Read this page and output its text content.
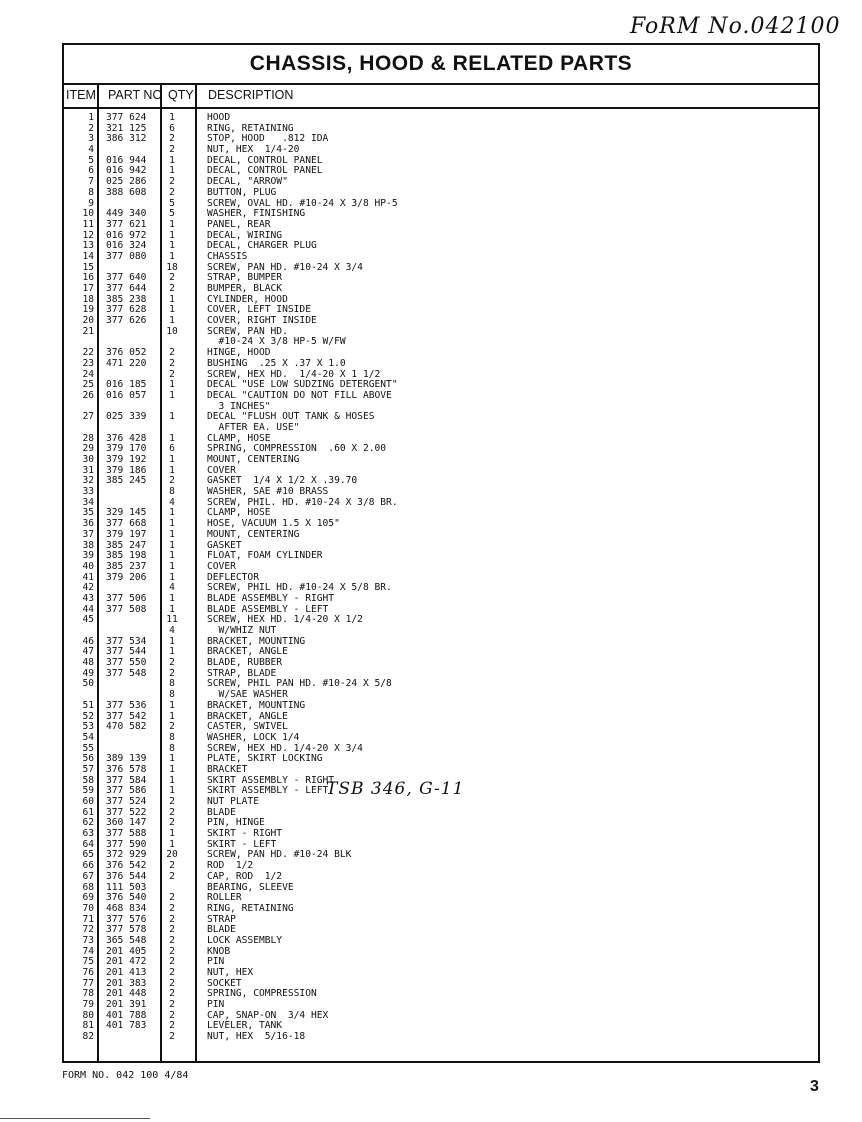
FoRM No.042100
CHASSIS, HOOD & RELATED PARTS
ITEM PART NO QTY DESCRIPTION
1 377 624	1	HOOD
2 321 125	6	RING, RETAINING
3 386 312	2	STOP, HOOD   .812 IDA
4	2	NUT, HEX  1/4-20
5 016 944	1	DECAL, CONTROL PANEL
6 016 942	1	DECAL, CONTROL PANEL
7 025 286	2	DECAL, "ARROW"
8 388 608	2	BUTTON, PLUG
9	5	SCREW, OVAL HD. #10-24 X 3/8 HP-5
10 449 340	5	WASHER, FINISHING
11 377 621	1	PANEL, REAR
12 016 972	1	DECAL, WIRING
13 016 324	1	DECAL, CHARGER PLUG
14 377 080	1	CHASSIS
15	18	SCREW, PAN HD. #10-24 X 3/4
16 377 640	2	STRAP, BUMPER
17 377 644	2	BUMPER, BLACK
18 385 238	1	CYLINDER, HOOD
19 377 628	1	COVER, LEFT INSIDE
20 377 626	1	COVER, RIGHT INSIDE
21	10	SCREW, PAN HD.
#10-24 X 3/8 HP-5 W/FW
22 376 052	2	HINGE, HOOD
23 471 220	2	BUSHING  .25 X .37 X 1.0
24	2	SCREW, HEX HD.  1/4-20 X 1 1/2
25 016 185	1	DECAL "USE LOW SUDZING DETERGENT"
26 016 057	1	DECAL "CAUTION DO NOT FILL ABOVE
3 INCHES"
27 025 339	1	DECAL "FLUSH OUT TANK & HOSES
AFTER EA. USE"
28 376 428	1	CLAMP, HOSE
29 379 170	6	SPRING, COMPRESSION  .60 X 2.00
30 379 192	1	MOUNT, CENTERING
31 379 186	1	COVER
32 385 245	2	GASKET  1/4 X 1/2 X .39.70
33	8	WASHER, SAE #10 BRASS
34	4	SCREW, PHIL. HD. #10-24 X 3/8 BR.
35 329 145	1	CLAMP, HOSE
36 377 668	1	HOSE, VACUUM 1.5 X 105"
37 379 197	1	MOUNT, CENTERING
38 385 247	1	GASKET
39 385 198	1	FLOAT, FOAM CYLINDER
40 385 237	1	COVER
41 379 206	1	DEFLECTOR
42	4	SCREW, PHIL HD. #10-24 X 5/8 BR.
43 377 506	1	BLADE ASSEMBLY - RIGHT
44 377 508	1	BLADE ASSEMBLY - LEFT
45	11	SCREW, HEX HD. 1/4-20 X 1/2
4	W/WHIZ NUT
46 377 534	1	BRACKET, MOUNTING
47 377 544	1	BRACKET, ANGLE
48 377 550	2	BLADE, RUBBER
49 377 548	2	STRAP, BLADE
50	8	SCREW, PHIL PAN HD. #10-24 X 5/8
8	W/SAE WASHER
51 377 536	1	BRACKET, MOUNTING
52 377 542	1	BRACKET, ANGLE
53 470 582	2	CASTER, SWIVEL
54	8	WASHER, LOCK 1/4
55	8	SCREW, HEX HD. 1/4-20 X 3/4
56 389 139	1	PLATE, SKIRT LOCKING
57 376 578	1	BRACKET
58 377 584	1	SKIRT ASSEMBLY - RIGHT
59 377 586	1	SKIRT ASSEMBLY - LEFT
60 377 524	2	NUT PLATE
61 377 522	2	BLADE
62 360 147	2	PIN, HINGE
63 377 588	1	SKIRT - RIGHT
64 377 590	1	SKIRT - LEFT
65 372 929	20	SCREW, PAN HD. #10-24 BLK
66 376 542	2	ROD  1/2
67 376 544	2	CAP, ROD  1/2
68 111 503	BEARING, SLEEVE
69 376 540	2	ROLLER
70 468 834	2	RING, RETAINING
71 377 576	2	STRAP
72 377 578	2	BLADE
73 365 548	2	LOCK ASSEMBLY
74 201 405	2	KNOB
75 201 472	2	PIN
76 201 413	2	NUT, HEX
77 201 383	2	SOCKET
78 201 448	2	SPRING, COMPRESSION
79 201 391	2	PIN
80 401 788	2	CAP, SNAP-ON  3/4 HEX
81 401 783	2	LEVELER, TANK
82	2	NUT, HEX  5/16-18
TSB 346, G-11
FORM NO. 042 100 4/84
3
